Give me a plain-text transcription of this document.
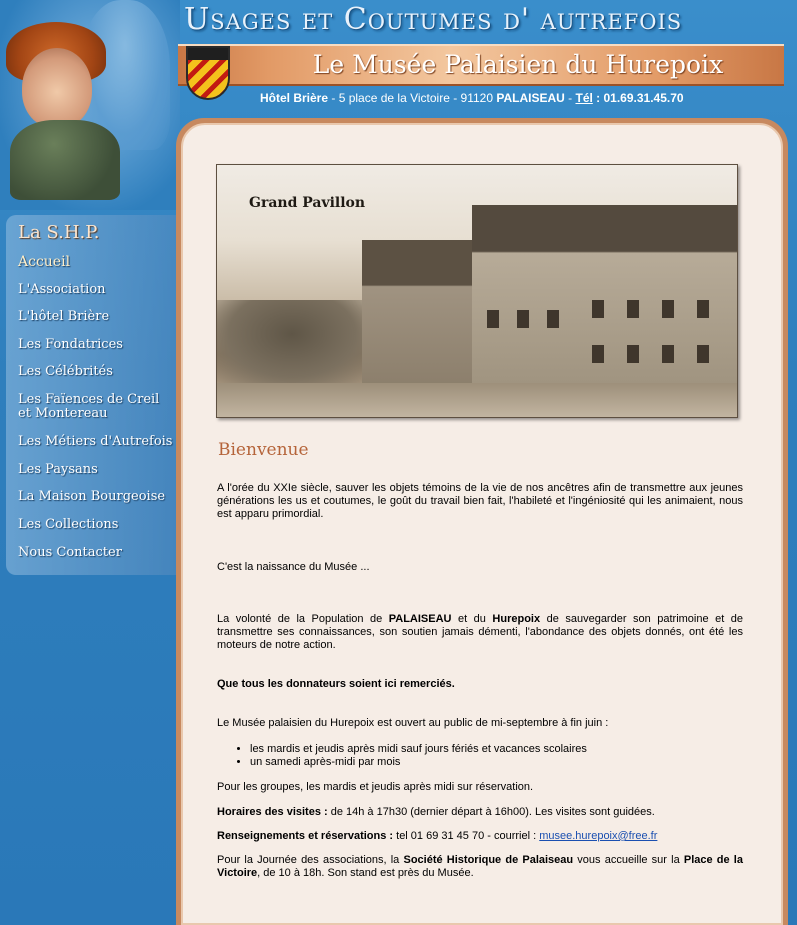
Usages et Coutumes d' autrefois
Le Musée Palaisien du Hurepoix
Hôtel Brière - 5 place de la Victoire - 91120 PALAISEAU - Tél : 01.69.31.45.70
La S.H.P.
Accueil
L'Association
L'hôtel Brière
Les Fondatrices
Les Célébrités
Les Faïences de Creil
et Montereau
Les Métiers d'Autrefois
Les Paysans
La Maison Bourgeoise
Les Collections
Nous Contacter
Grand Pavillon
Bienvenue

A l'orée du XXIe siècle, sauver les objets témoins de la vie de nos ancêtres afin de transmettre aux jeunes générations les us et coutumes, le goût du travail bien fait, l'habileté et l'ingéniosité qui les animaient, nous est apparu primordial.

C'est la naissance du Musée ...

La volonté de la Population de PALAISEAU et du Hurepoix de sauvegarder son patrimoine et de transmettre ses connaissances, son soutien jamais démenti, l'abondance des objets donnés, ont été les moteurs de notre action.

Que tous les donnateurs soient ici remerciés.

Le Musée palaisien du Hurepoix est ouvert au public de mi-septembre à fin juin :

• les mardis et jeudis après midi sauf jours fériés et vacances scolaires
• un samedi après-midi par mois

Pour les groupes, les mardis et jeudis après midi sur réservation.

Horaires des visites : de 14h à 17h30 (dernier départ à 16h00). Les visites sont guidées.

Renseignements et réservations : tel 01 69 31 45 70 - courriel : musee.hurepoix@free.fr

Pour la Journée des associations, la Société Historique de Palaiseau vous accueille sur la Place de la Victoire, de 10 à 18h. Son stand est près du Musée.
